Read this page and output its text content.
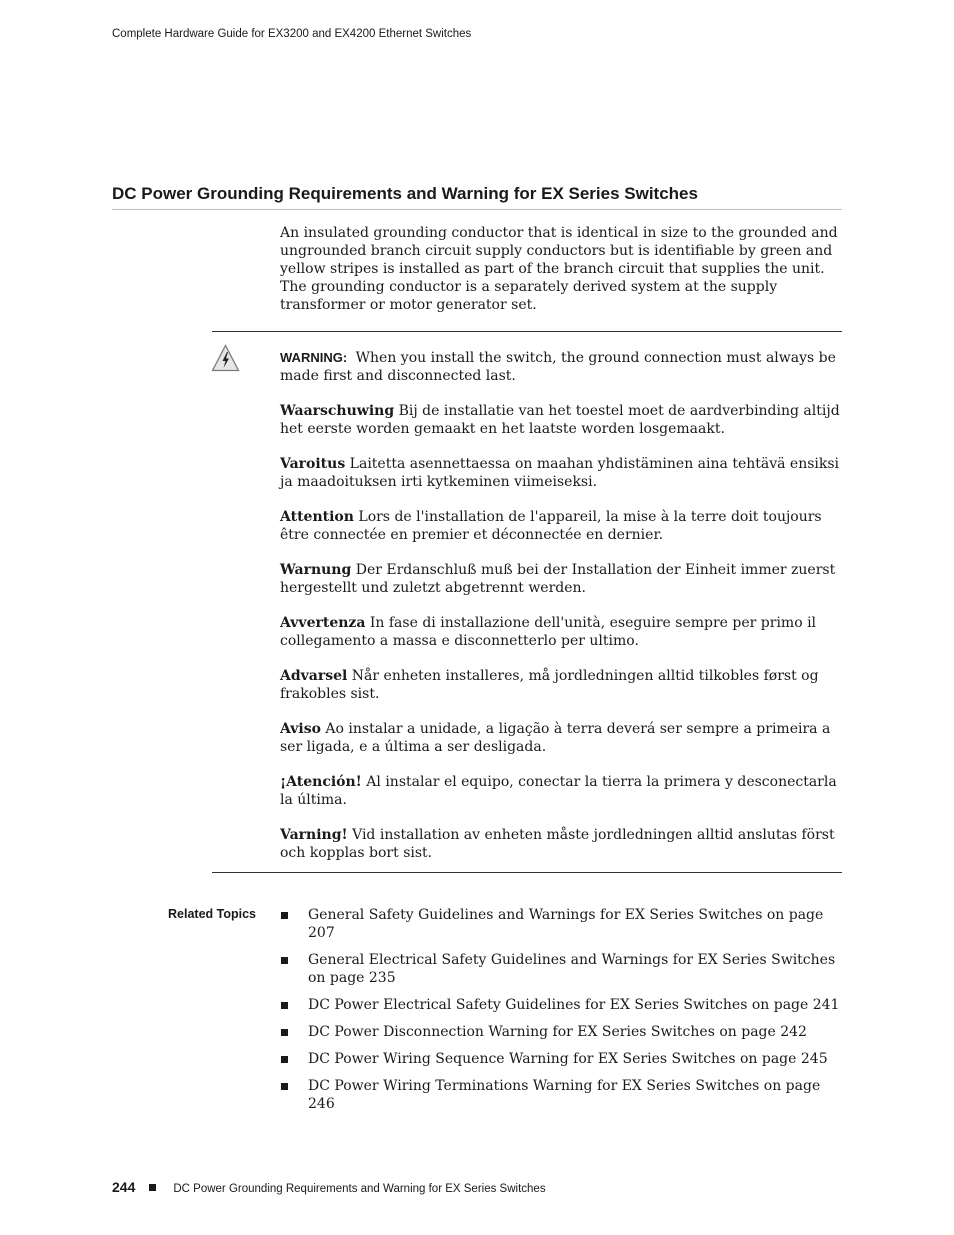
Complete Hardware Guide for EX3200 and EX4200 Ethernet Switches
DC Power Grounding Requirements and Warning for EX Series Switches

An insulated grounding conductor that is identical in size to the grounded and ungrounded branch circuit supply conductors but is identifiable by green and yellow stripes is installed as part of the branch circuit that supplies the unit. The grounding conductor is a separately derived system at the supply transformer or motor generator set.

WARNING: When you install the switch, the ground connection must always be made first and disconnected last.

Waarschuwing Bij de installatie van het toestel moet de aardverbinding altijd het eerste worden gemaakt en het laatste worden losgemaakt.

Varoitus Laitetta asennettaessa on maahan yhdistäminen aina tehtävä ensiksi ja maadoituksen irti kytkeminen viimeiseksi.

Attention Lors de l'installation de l'appareil, la mise à la terre doit toujours être connectée en premier et déconnectée en dernier.

Warnung Der Erdanschluß muß bei der Installation der Einheit immer zuerst hergestellt und zuletzt abgetrennt werden.

Avvertenza In fase di installazione dell'unità, eseguire sempre per primo il collegamento a massa e disconnetterlo per ultimo.

Advarsel Når enheten installeres, må jordledningen alltid tilkobles først og frakobles sist.

Aviso Ao instalar a unidade, a ligação à terra deverá ser sempre a primeira a ser ligada, e a última a ser desligada.

¡Atención! Al instalar el equipo, conectar la tierra la primera y desconectarla la última.

Varning! Vid installation av enheten måste jordledningen alltid anslutas först och kopplas bort sist.

Related Topics	General Safety Guidelines and Warnings for EX Series Switches on page 207
General Electrical Safety Guidelines and Warnings for EX Series Switches on page 235
DC Power Electrical Safety Guidelines for EX Series Switches on page 241
DC Power Disconnection Warning for EX Series Switches on page 242
DC Power Wiring Sequence Warning for EX Series Switches on page 245
DC Power Wiring Terminations Warning for EX Series Switches on page 246
244	DC Power Grounding Requirements and Warning for EX Series Switches
